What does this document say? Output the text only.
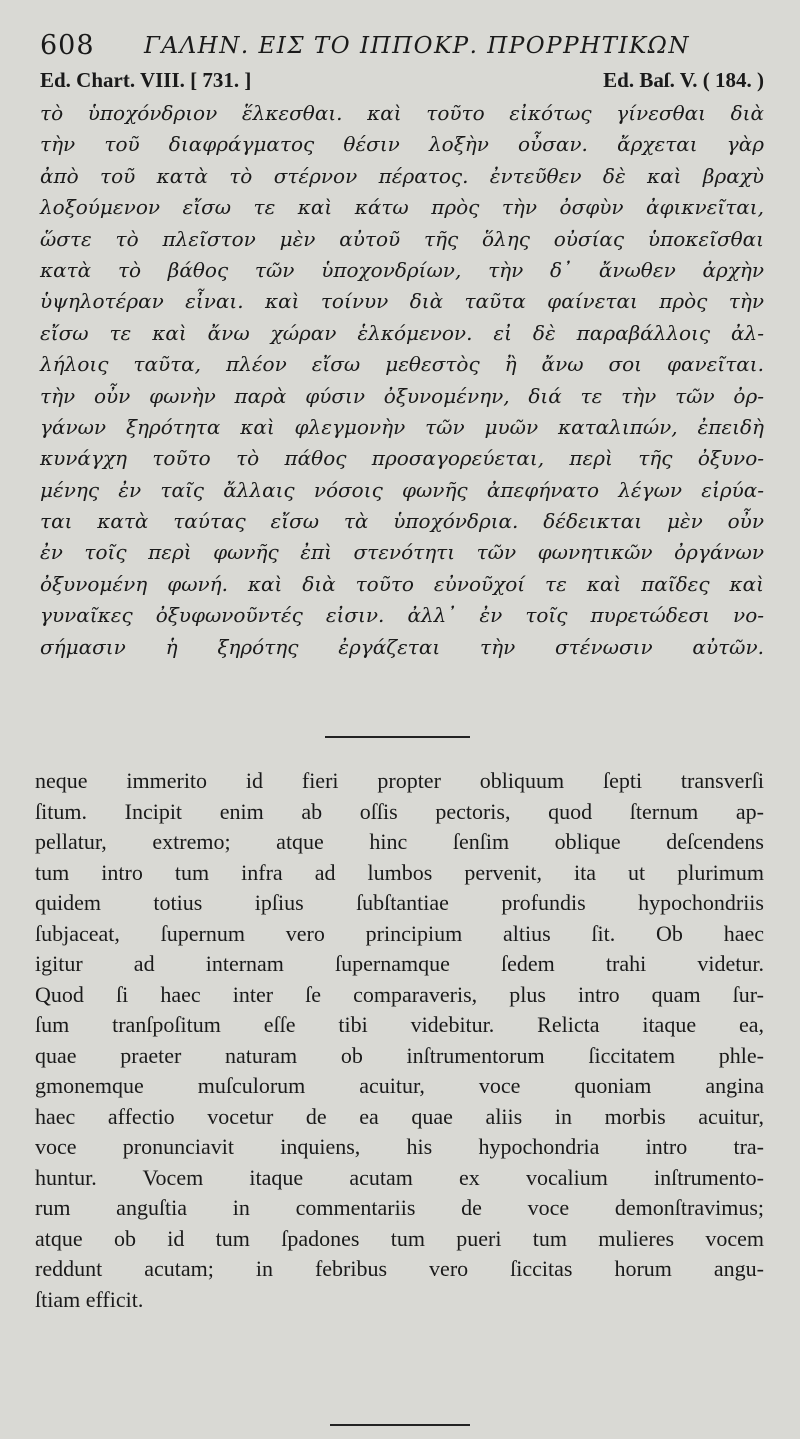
608 ΓΑΛΗΝ. ΕΙΣ ΤΟ ΙΠΠΟΚΡ. ΠΡΟΡΡΗΤΙΚΩΝ
Ed. Chart. VIII. [ 731. ]	Ed. Baſ. V. ( 184. )
τὸ ὑποχόνδριον ἕλκεσθαι. καὶ τοῦτο εἰκότως γίνεσθαι διὰ
τὴν τοῦ διαφράγματος θέσιν λοξὴν οὖσαν. ἄρχεται γὰρ
ἀπὸ τοῦ κατὰ τὸ στέρνον πέρατος. ἐντεῦθεν δὲ καὶ βραχὺ
λοξούμενον εἴσω τε καὶ κάτω πρὸς τὴν ὀσφὺν ἀφικνεῖται,
ὥστε τὸ πλεῖστον μὲν αὐτοῦ τῆς ὅλης οὐσίας ὑποκεῖσθαι
κατὰ τὸ βάθος τῶν ὑποχονδρίων, τὴν δ᾽ ἄνωθεν ἀρχὴν
ὑψηλοτέραν εἶναι. καὶ τοίνυν διὰ ταῦτα φαίνεται πρὸς τὴν
εἴσω τε καὶ ἄνω χώραν ἑλκόμενον. εἰ δὲ παραβάλλοις ἀλ-
λήλοις ταῦτα, πλέον εἴσω μεθεστὸς ἢ ἄνω σοι φανεῖται.
τὴν οὖν φωνὴν παρὰ φύσιν ὀξυνομένην, διά τε τὴν τῶν ὀρ-
γάνων ξηρότητα καὶ φλεγμονὴν τῶν μυῶν καταλιπών, ἐπειδὴ
κυνάγχη τοῦτο τὸ πάθος προσαγορεύεται, περὶ τῆς ὀξυνο-
μένης ἐν ταῖς ἄλλαις νόσοις φωνῆς ἀπεφήνατο λέγων εἰρύα-
ται κατὰ ταύτας εἴσω τὰ ὑποχόνδρια. δέδεικται μὲν οὖν
ἐν τοῖς περὶ φωνῆς ἐπὶ στενότητι τῶν φωνητικῶν ὀργάνων
ὀξυνομένη φωνή. καὶ διὰ τοῦτο εὐνοῦχοί τε καὶ παῖδες καὶ
γυναῖκες ὀξυφωνοῦντές εἰσιν. ἀλλ᾽ ἐν τοῖς πυρετώδεσι νο-
σήμασιν ἡ ξηρότης ἐργάζεται τὴν στένωσιν αὐτῶν.
neque immerito id fieri propter obliquum ſepti transverſi
ſitum. Incipit enim ab oſſis pectoris, quod ſternum ap-
pellatur, extremo; atque hinc ſenſim oblique deſcendens
tum intro tum infra ad lumbos pervenit, ita ut plurimum
quidem totius ipſius ſubſtantiae profundis hypochondriis
ſubjaceat, ſupernum vero principium altius ſit. Ob haec
igitur ad internam ſupernamque ſedem trahi videtur.
Quod ſi haec inter ſe comparaveris, plus intro quam ſur-
ſum tranſpoſitum eſſe tibi videbitur. Relicta itaque ea,
quae praeter naturam ob inſtrumentorum ſiccitatem phle-
gmonemque muſculorum acuitur, voce quoniam angina
haec affectio vocetur de ea quae aliis in morbis acuitur,
voce pronunciavit inquiens, his hypochondria intro tra-
huntur. Vocem itaque acutam ex vocalium inſtrumento-
rum anguſtia in commentariis de voce demonſtravimus;
atque ob id tum ſpadones tum pueri tum mulieres vocem
reddunt acutam; in febribus vero ſiccitas horum angu-
ſtiam efficit.
